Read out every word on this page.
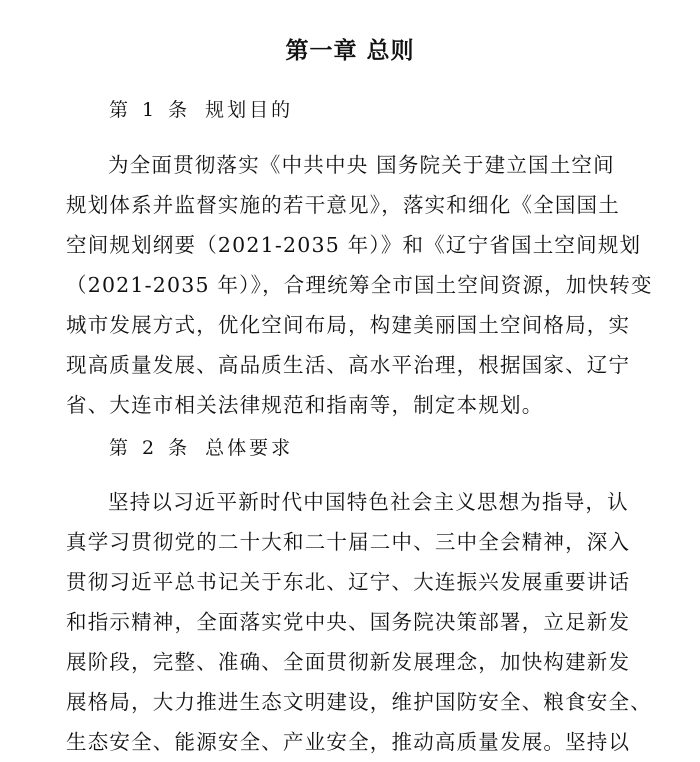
第一章 总则
第 1 条 规划目的
为全面贯彻落实《中共中央 国务院关于建立国土空间
规划体系并监督实施的若干意见》，落实和细化《全国国土
空间规划纲要（2021-2035 年）》和《辽宁省国土空间规划
（2021-2035 年）》，合理统筹全市国土空间资源，加快转变
城市发展方式，优化空间布局，构建美丽国土空间格局，实
现高质量发展、高品质生活、高水平治理，根据国家、辽宁
省、大连市相关法律规范和指南等，制定本规划。
第 2 条 总体要求
坚持以习近平新时代中国特色社会主义思想为指导，认
真学习贯彻党的二十大和二十届二中、三中全会精神，深入
贯彻习近平总书记关于东北、辽宁、大连振兴发展重要讲话
和指示精神，全面落实党中央、国务院决策部署，立足新发
展阶段，完整、准确、全面贯彻新发展理念，加快构建新发
展格局，大力推进生态文明建设，维护国防安全、粮食安全、
生态安全、能源安全、产业安全，推动高质量发展。坚持以
